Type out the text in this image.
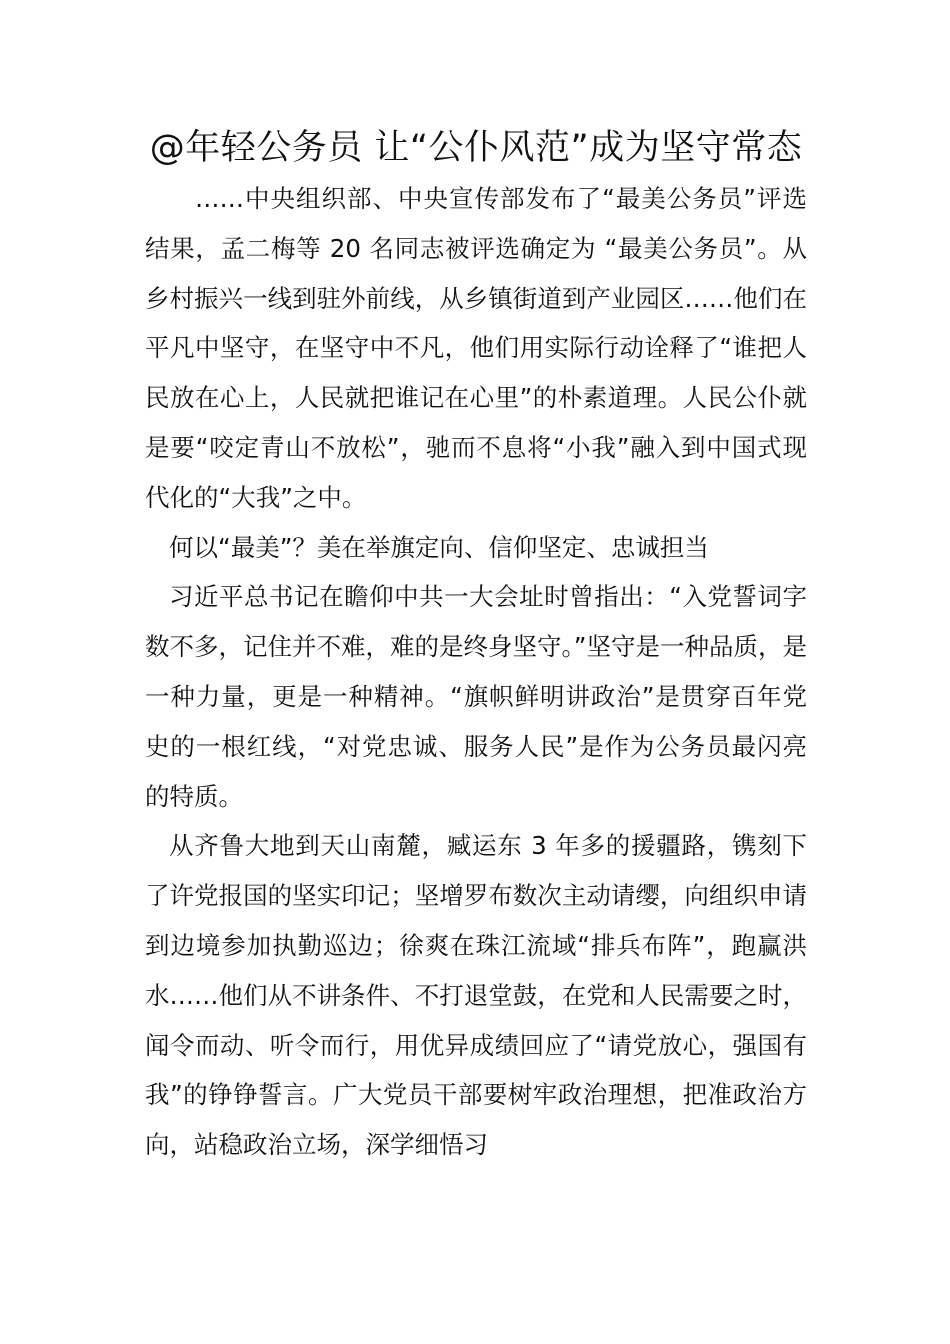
@年轻公务员 让“公仆风范”成为坚守常态

……中央组织部、中央宣传部发布了“最美公务员”评选结果，孟二梅等 20 名同志被评选确定为 “最美公务员”。从乡村振兴一线到驻外前线，从乡镇街道到产业园区……他们在平凡中坚守，在坚守中不凡，他们用实际行动诠释了“谁把人民放在心上，人民就把谁记在心里”的朴素道理。人民公仆就是要“咬定青山不放松”，驰而不息将“小我”融入到中国式现代化的“大我”之中。

何以“最美”？美在举旗定向、信仰坚定、忠诚担当

习近平总书记在瞻仰中共一大会址时曾指出：“入党誓词字数不多，记住并不难，难的是终身坚守。”坚守是一种品质，是一种力量，更是一种精神。“旗帜鲜明讲政治”是贯穿百年党史的一根红线，“对党忠诚、服务人民”是作为公务员最闪亮的特质。

从齐鲁大地到天山南麓，臧运东 3 年多的援疆路，镌刻下了许党报国的坚实印记；坚增罗布数次主动请缨，向组织申请到边境参加执勤巡边；徐爽在珠江流域“排兵布阵”，跑赢洪水……他们从不讲条件、不打退堂鼓，在党和人民需要之时，闻令而动、听令而行，用优异成绩回应了“请党放心，强国有我”的铮铮誓言。广大党员干部要树牢政治理想，把准政治方向，站稳政治立场，深学细悟习
